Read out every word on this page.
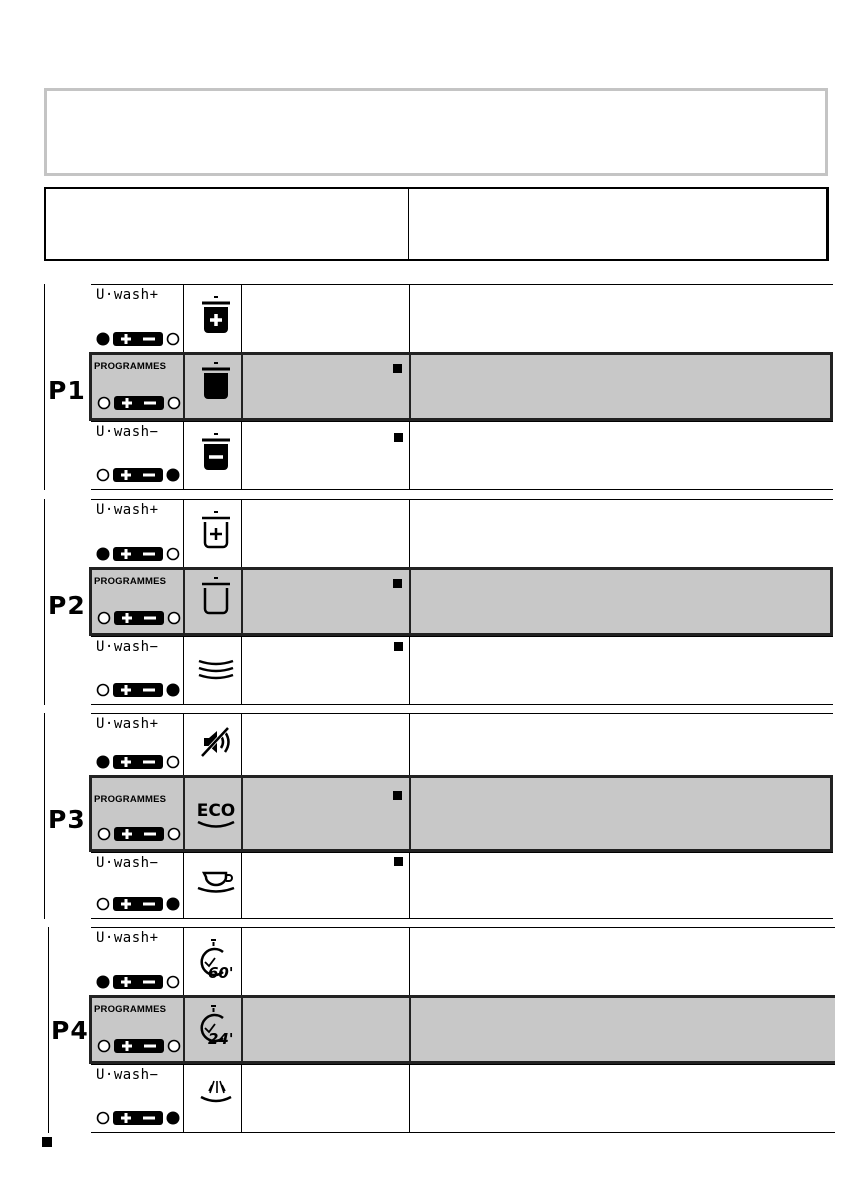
P1
U·wash+
PROGRAMMES
U·wash−
P2
U·wash+
PROGRAMMES
U·wash−
P3
U·wash+
PROGRAMMES
ECO
U·wash−
P4
U·wash+
60'
PROGRAMMES
24'
U·wash−
